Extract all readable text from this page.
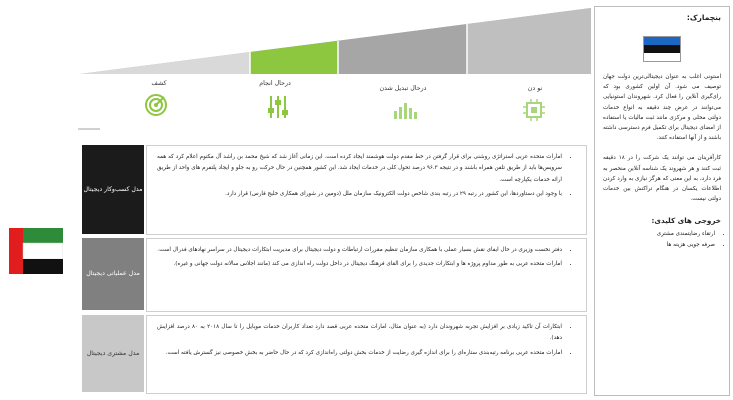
کشف	درحال انجام
درحال تبدیل شدن	نو دن
مدل کسب‌وکار دیجیتال
مدل عملیاتی دیجیتال
مدل مشتری دیجیتال
• امارات متحده عربی استراتژی روشنی برای قرار گرفتن در خط مقدم دولت هوشمند ایجاد کرده است. این زمانی آغاز شد که شیخ محمد بن راشد آل مکتوم اعلام کرد که همه سرویس‌ها باید از طریق تلفن همراه باشند و در نتیجه ۹۶.۳ درصد تحول کلی در خدمات ایجاد شد. این کشور همچنین در حال حرکت رو به جلو و ایجاد پلتفرم های واحد از طریق ارائه خدمات یکپارچه است.
• با وجود این دستاوردها، این کشور در رتبه ۲۹ در رتبه بندی شاخص دولت الکترونیک سازمان ملل (دومین در شورای همکاری خلیج فارس) قرار دارد.
• دفتر نخست وزیری در حال ایفای نقش بسیار عملی با همکاری سازمان تنظیم مقررات ارتباطات و دولت دیجیتال برای مدیریت ابتکارات دیجیتال در سراسر نهادهای فدرال است.
• امارات متحده عربی به طور مداوم پروژه ها و ابتکارات جدیدی را برای القای فرهنگ دیجیتال در داخل دولت راه اندازی می کند (مانند اجلاس سالانه دولت جهانی و غیره).
• ابتکارات آن تاکید زیادی بر افزایش تجربه شهروندان دارد (به عنوان مثال، امارات متحده عربی قصد دارد تعداد کاربران خدمات موبایل را تا سال ۲۰۱۸ به ۸۰ درصد افزایش دهد).
• امارات متحده عربی برنامه رتبه‌بندی ستاره‌ای را برای اندازه گیری رضایت از خدمات بخش دولتی راه‌اندازی کرد که در حال حاضر به بخش خصوصی نیز گسترش یافته است.
بنچمارک:

استونی اغلب به عنوان دیجیتالی‌ترین دولت جهان توصیف می شود. آن اولین کشوری بود که رای‌گیری آنلاین را فعال کرد. شهروندان استونیایی می‌توانند در عرض چند دقیقه به انواع خدمات دولتی محلی و مرکزی مانند ثبت مالیات یا استفاده از امضای دیجیتال برای تکمیل فرم دسترسی داشته باشند و از آنها استفاده کنند.

کارآفرینان می توانند یک شرکت را در ۱۸ دقیقه ثبت کنند و هر شهروند یک شناسه آنلاین منحصر به فرد دارد، به این معنی که هرگز نیازی به وارد کردن اطلاعات یکسان در هنگام تراکنش بین خدمات دولتی نیست.

خروجی های کلیدی:
• ارتقاء رضایتمندی مشتری
• صرفه جویی هزینه ها
